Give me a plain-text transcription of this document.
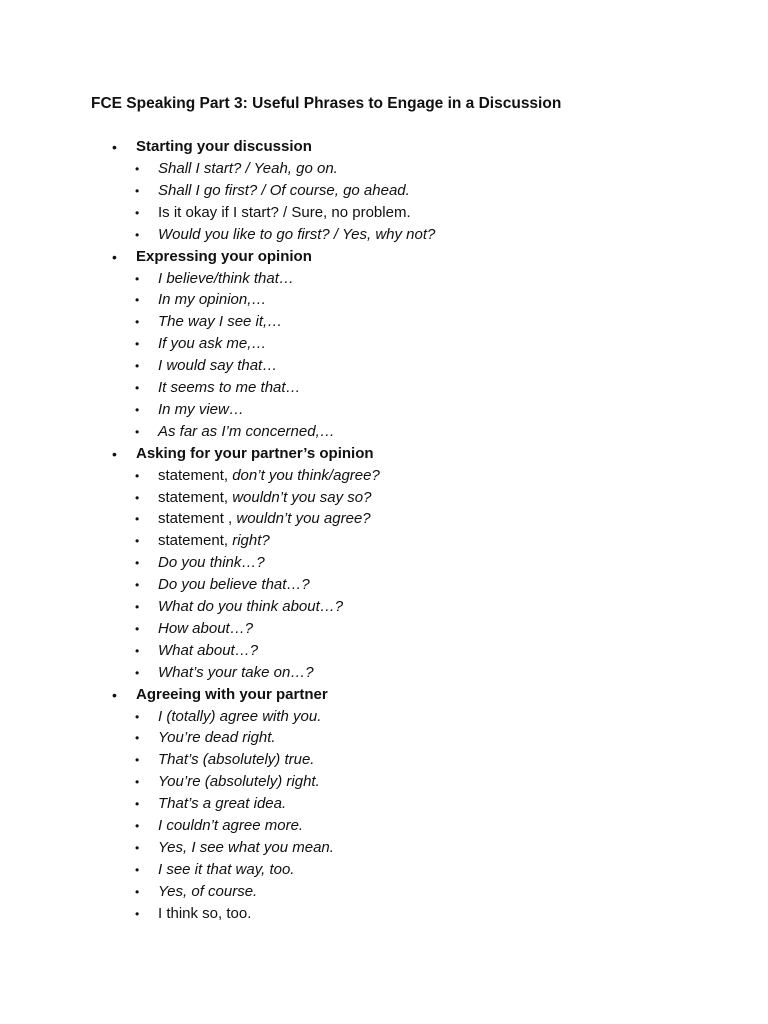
FCE Speaking Part 3: Useful Phrases to Engage in a Discussion
• Starting your discussion
• Shall I start? / Yeah, go on.
• Shall I go first? / Of course, go ahead.
• Is it okay if I start? / Sure, no problem.
• Would you like to go first? / Yes, why not?
• Expressing your opinion
• I believe/think that…
• In my opinion,…
• The way I see it,…
• If you ask me,…
• I would say that…
• It seems to me that…
• In my view…
• As far as I’m concerned,…
• Asking for your partner’s opinion
• statement, don’t you think/agree?
• statement, wouldn’t you say so?
• statement , wouldn’t you agree?
• statement, right?
• Do you think…?
• Do you believe that…?
• What do you think about…?
• How about…?
• What about…?
• What’s your take on…?
• Agreeing with your partner
• I (totally) agree with you.
• You’re dead right.
• That’s (absolutely) true.
• You’re (absolutely) right.
• That’s a great idea.
• I couldn’t agree more.
• Yes, I see what you mean.
• I see it that way, too.
• Yes, of course.
• I think so, too.
